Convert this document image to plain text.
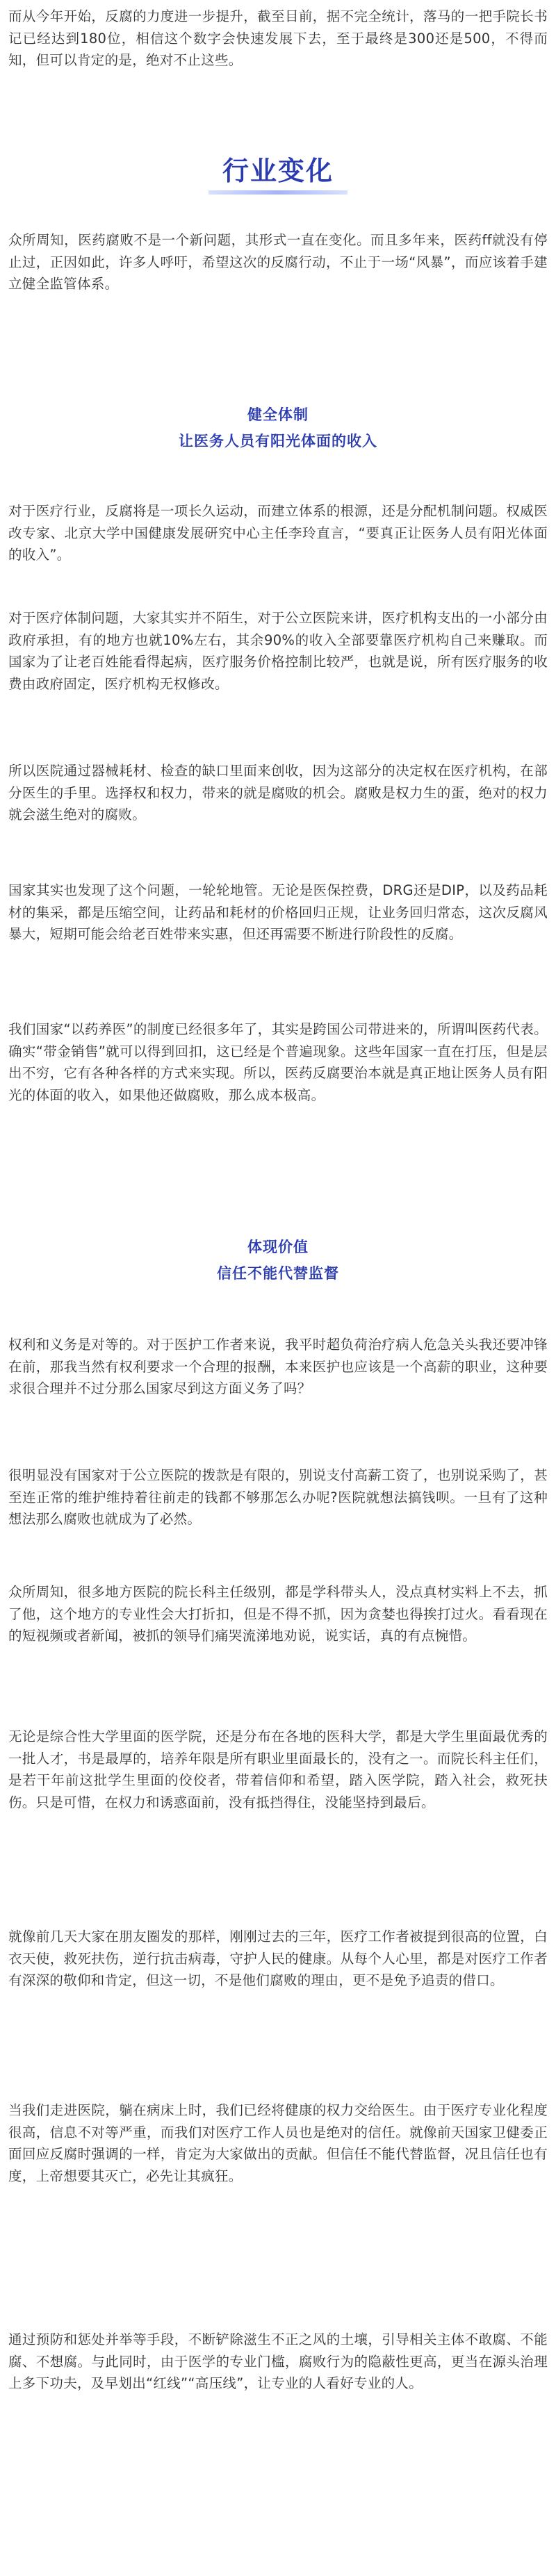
而从今年开始，反腐的力度进一步提升，截至目前，据不完全统计，落马的一把手院长书记已经达到180位，相信这个数字会快速发展下去，至于最终是300还是500，不得而知，但可以肯定的是，绝对不止这些。

行业变化

众所周知，医药腐败不是一个新问题，其形式一直在变化。而且多年来，医药ff就没有停止过，正因如此，许多人呼吁，希望这次的反腐行动，不止于一场“风暴”，而应该着手建立健全监管体系。

健全体制
让医务人员有阳光体面的收入

对于医疗行业，反腐将是一项长久运动，而建立体系的根源，还是分配机制问题。权威医改专家、北京大学中国健康发展研究中心主任李玲直言，“要真正让医务人员有阳光体面的收入”。

对于医疗体制问题，大家其实并不陌生，对于公立医院来讲，医疗机构支出的一小部分由政府承担，有的地方也就10%左右，其余90%的收入全部要靠医疗机构自己来赚取。而国家为了让老百姓能看得起病，医疗服务价格控制比较严，也就是说，所有医疗服务的收费由政府固定，医疗机构无权修改。

所以医院通过器械耗材、检查的缺口里面来创收，因为这部分的决定权在医疗机构，在部分医生的手里。选择权和权力，带来的就是腐败的机会。腐败是权力生的蛋，绝对的权力就会滋生绝对的腐败。

国家其实也发现了这个问题，一轮轮地管。无论是医保控费，DRG还是DIP，以及药品耗材的集采，都是压缩空间，让药品和耗材的价格回归正规，让业务回归常态，这次反腐风暴大，短期可能会给老百姓带来实惠，但还再需要不断进行阶段性的反腐。

我们国家“以药养医”的制度已经很多年了，其实是跨国公司带进来的，所谓叫医药代表。确实“带金销售”就可以得到回扣，这已经是个普遍现象。这些年国家一直在打压，但是层出不穷，它有各种各样的方式来实现。所以，医药反腐要治本就是真正地让医务人员有阳光的体面的收入，如果他还做腐败，那么成本极高。

体现价值
信任不能代替监督

权利和义务是对等的。对于医护工作者来说，我平时超负荷治疗病人危急关头我还要冲锋在前，那我当然有权利要求一个合理的报酬，本来医护也应该是一个高薪的职业，这种要求很合理并不过分那么国家尽到这方面义务了吗？

很明显没有国家对于公立医院的拨款是有限的，别说支付高薪工资了，也别说采购了，甚至连正常的维护维持着往前走的钱都不够那怎么办呢?医院就想法搞钱呗。一旦有了这种想法那么腐败也就成为了必然。

众所周知，很多地方医院的院长科主任级别，都是学科带头人，没点真材实料上不去，抓了他，这个地方的专业性会大打折扣，但是不得不抓，因为贪婪也得挨打过火。看看现在的短视频或者新闻，被抓的领导们痛哭流涕地劝说，说实话，真的有点惋惜。

无论是综合性大学里面的医学院，还是分布在各地的医科大学，都是大学生里面最优秀的一批人才，书是最厚的，培养年限是所有职业里面最长的，没有之一。而院长科主任们，是若干年前这批学生里面的佼佼者，带着信仰和希望，踏入医学院，踏入社会，救死扶伤。只是可惜，在权力和诱惑面前，没有抵挡得住，没能坚持到最后。

就像前几天大家在朋友圈发的那样，刚刚过去的三年，医疗工作者被提到很高的位置，白衣天使，救死扶伤，逆行抗击病毒，守护人民的健康。从每个人心里，都是对医疗工作者有深深的敬仰和肯定，但这一切，不是他们腐败的理由，更不是免予追责的借口。

当我们走进医院，躺在病床上时，我们已经将健康的权力交给医生。由于医疗专业化程度很高，信息不对等严重，而我们对医疗工作人员也是绝对的信任。就像前天国家卫健委正面回应反腐时强调的一样，肯定为大家做出的贡献。但信任不能代替监督，况且信任也有度，上帝想要其灭亡，必先让其疯狂。

通过预防和惩处并举等手段，不断铲除滋生不正之风的土壤，引导相关主体不敢腐、不能腐、不想腐。与此同时，由于医学的专业门槛，腐败行为的隐蔽性更高，更当在源头治理上多下功夫，及早划出“红线”“高压线”，让专业的人看好专业的人。
